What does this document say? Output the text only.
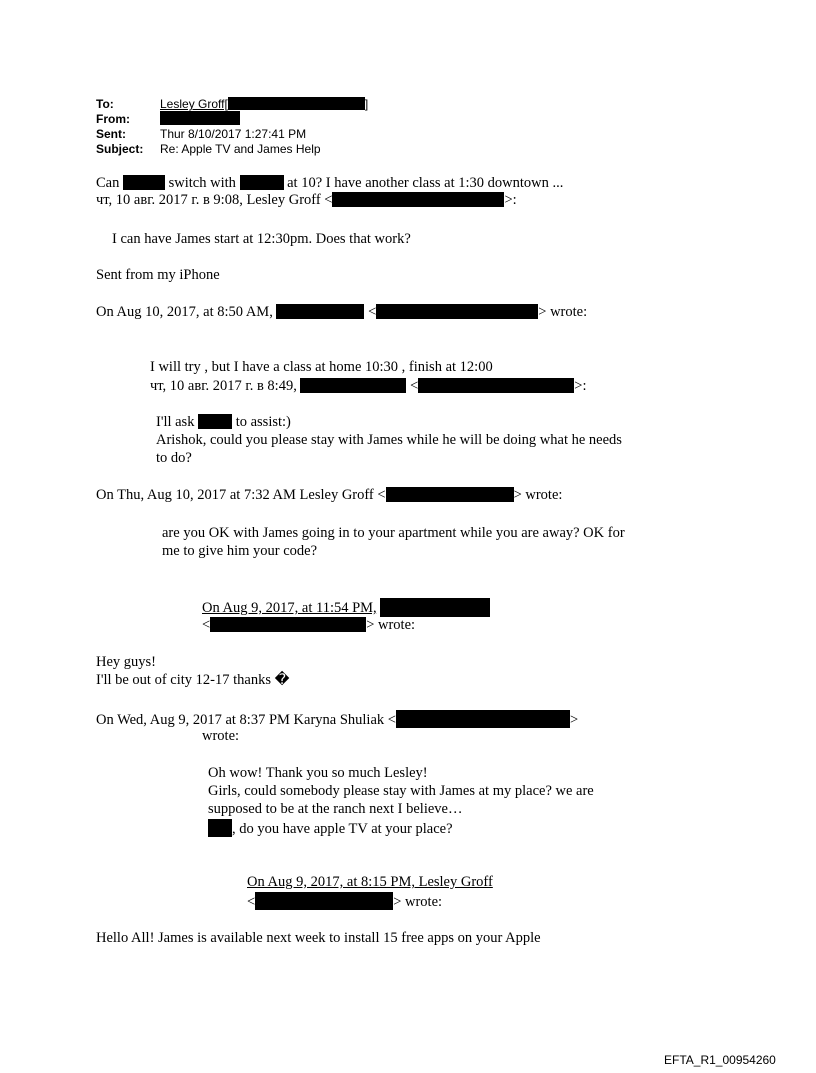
To:	Lesley Groff[	]
From:
Sent:	Thur 8/10/2017 1:27:41 PM
Subject: Re: Apple TV and James Help
Can	switch with	at 10? I have another class at 1:30 downtown ...
чт, 10 авг. 2017 г. в 9:08, Lesley Groff <	>:
I can have James start at 12:30pm. Does that work?
Sent from my iPhone
On Aug 10, 2017, at 8:50 AM,	<	> wrote:
I will try , but I have a class at home 10:30 , finish at 12:00
чт, 10 авг. 2017 г. в 8:49,	<	>:
I'll ask	to assist:)
Arishok, could you please stay with James while he will be doing what he needs
to do?
On Thu, Aug 10, 2017 at 7:32 AM Lesley Groff <	> wrote:
are you OK with James going in to your apartment while you are away? OK for
me to give him your code?
On Aug 9, 2017, at 11:54 PM,
<	> wrote:
Hey guys!
I'll be out of city 12-17 thanks �
On Wed, Aug 9, 2017 at 8:37 PM Karyna Shuliak <	>
wrote:
Oh wow! Thank you so much Lesley!
Girls, could somebody please stay with James at my place? we are
supposed to be at the ranch next I believe…
, do you have apple TV at your place?
On Aug 9, 2017, at 8:15 PM, Lesley Groff
<	> wrote:
Hello All! James is available next week to install 15 free apps on your Apple
EFTA_R1_00954260
